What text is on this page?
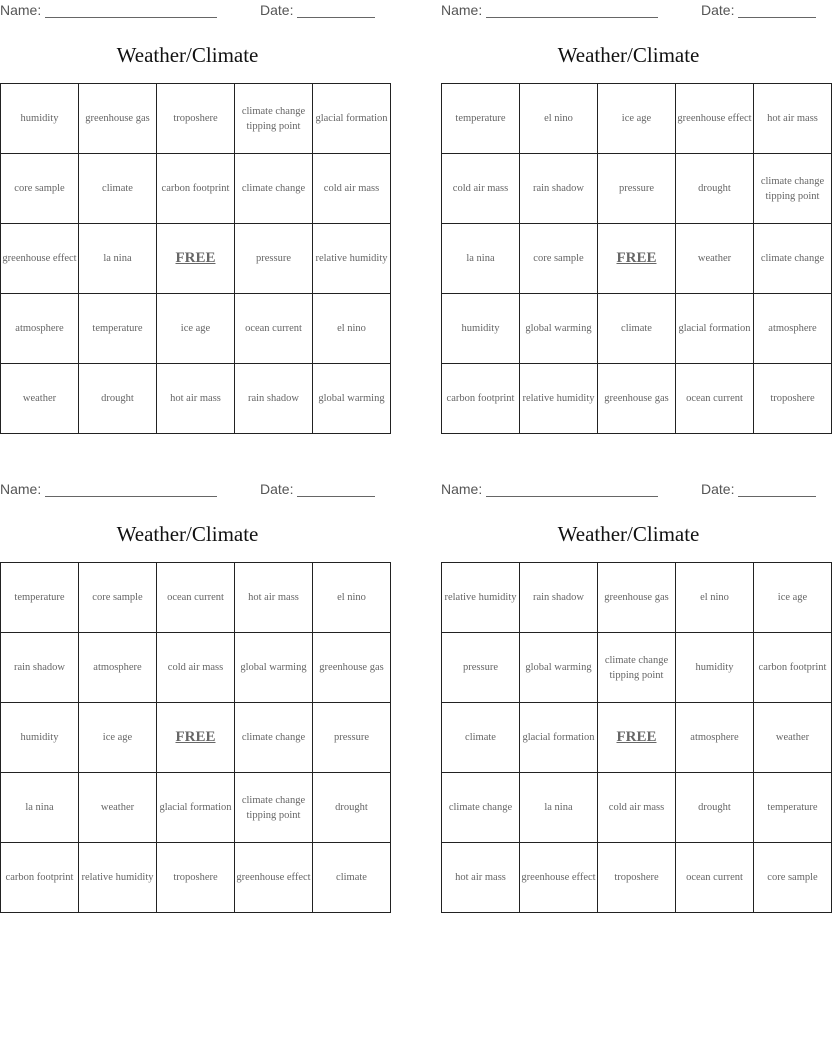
Name:	Date:
Weather/Climate
humidity	greenhouse gas	troposhere	climate change tipping point	glacial formation
core sample	climate	carbon footprint	climate change	cold air mass
greenhouse effect	la nina	FREE	pressure	relative humidity
atmosphere	temperature	ice age	ocean current	el nino
weather	drought	hot air mass	rain shadow	global warming
Name:	Date:
Weather/Climate
temperature	el nino	ice age	greenhouse effect	hot air mass
cold air mass	rain shadow	pressure	drought	climate change tipping point
la nina	core sample	FREE	weather	climate change
humidity	global warming	climate	glacial formation	atmosphere
carbon footprint	relative humidity	greenhouse gas	ocean current	troposhere
Name:	Date:
Weather/Climate
temperature	core sample	ocean current	hot air mass	el nino
rain shadow	atmosphere	cold air mass	global warming	greenhouse gas
humidity	ice age	FREE	climate change	pressure
la nina	weather	glacial formation	climate change tipping point	drought
carbon footprint	relative humidity	troposhere	greenhouse effect	climate
Name:	Date:
Weather/Climate
relative humidity	rain shadow	greenhouse gas	el nino	ice age
pressure	global warming	climate change tipping point	humidity	carbon footprint
climate	glacial formation	FREE	atmosphere	weather
climate change	la nina	cold air mass	drought	temperature
hot air mass	greenhouse effect	troposhere	ocean current	core sample
